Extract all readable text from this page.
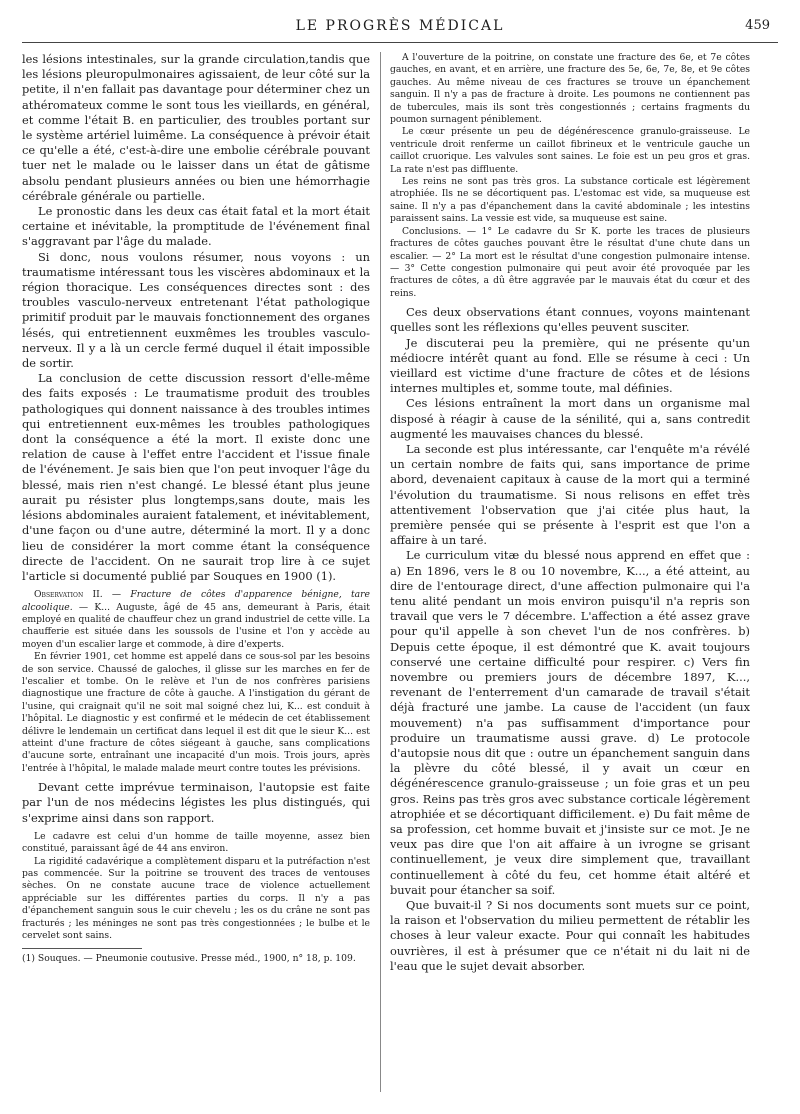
LE PROGRÈS MÉDICAL	459

les lésions intestinales, sur la grande circulation,tandis que les lésions pleuropulmonaires agissaient, de leur côté sur la petite, il n'en fallait pas davantage pour déterminer chez un athéromateux comme le sont tous les vieillards, en général, et comme l'était B. en particulier, des troubles portant sur le système artériel luimême. La conséquence à prévoir était ce qu'elle a été, c'est-à-dire une embolie cérébrale pouvant tuer net le malade ou le laisser dans un état de gâtisme absolu pendant plusieurs années ou bien une hémorrhagie cérébrale générale ou partielle.

Le pronostic dans les deux cas était fatal et la mort était certaine et inévitable, la promptitude de l'événement final s'aggravant par l'âge du malade.

Si donc, nous voulons résumer, nous voyons : un traumatisme intéressant tous les viscères abdominaux et la région thoracique. Les conséquences directes sont : des troubles vasculo-nerveux entretenant l'état pathologique primitif produit par le mauvais fonctionnement des organes lésés, qui entretiennent euxmêmes les troubles vasculo-nerveux. Il y a là un cercle fermé duquel il était impossible de sortir.

La conclusion de cette discussion ressort d'elle-même des faits exposés : Le traumatisme produit des troubles pathologiques qui donnent naissance à des troubles intimes qui entretiennent eux-mêmes les troubles pathologiques dont la conséquence a été la mort. Il existe donc une relation de cause à l'effet entre l'accident et l'issue finale de l'événement. Je sais bien que l'on peut invoquer l'âge du blessé, mais rien n'est changé. Le blessé étant plus jeune aurait pu résister plus longtemps,sans doute, mais les lésions abdominales auraient fatalement, et inévitablement, d'une façon ou d'une autre, déterminé la mort. Il y a donc lieu de considérer la mort comme étant la conséquence directe de l'accident. On ne saurait trop lire à ce sujet l'article si documenté publié par Souques en 1900 (1).

Observation II. — Fracture de côtes d'apparence bénigne, tare alcoolique. — K... Auguste, âgé de 45 ans, demeurant à Paris, était employé en qualité de chauffeur chez un grand industriel de cette ville. La chaufferie est située dans les soussols de l'usine et l'on y accède au moyen d'un escalier large et commode, à dire d'experts.

En février 1901, cet homme est appelé dans ce sous-sol par les besoins de son service. Chaussé de galoches, il glisse sur les marches en fer de l'escalier et tombe. On le relève et l'un de nos confrères parisiens diagnostique une fracture de côte à gauche. A l'instigation du gérant de l'usine, qui craignait qu'il ne soit mal soigné chez lui, K... est conduit à l'hôpital. Le diagnostic y est confirmé et le médecin de cet établissement délivre le lendemain un certificat dans lequel il est dit que le sieur K... est atteint d'une fracture de côtes siégeant à gauche, sans complications d'aucune sorte, entraînant une incapacité d'un mois. Trois jours, après l'entrée à l'hôpital, le malade malade meurt contre toutes les prévisions.

Devant cette imprévue terminaison, l'autopsie est faite par l'un de nos médecins légistes les plus distingués, qui s'exprime ainsi dans son rapport.

Le cadavre est celui d'un homme de taille moyenne, assez bien constitué, paraissant âgé de 44 ans environ.

La rigidité cadavérique a complètement disparu et la putréfaction n'est pas commencée. Sur la poitrine se trouvent des traces de ventouses sèches. On ne constate aucune trace de violence actuellement appréciable sur les différentes parties du corps. Il n'y a pas d'épanchement sanguin sous le cuir chevelu ; les os du crâne ne sont pas fracturés ; les méninges ne sont pas très congestionnées ; le bulbe et le cervelet sont sains.

(1) Souques. — Pneumonie coutusive. Presse méd., 1900, n° 18, p. 109.

A l'ouverture de la poitrine, on constate une fracture des 6e, et 7e côtes gauches, en avant, et en arrière, une fracture des 5e, 6e, 7e, 8e, et 9e côtes gauches. Au même niveau de ces fractures se trouve un épanchement sanguin. Il n'y a pas de fracture à droite. Les poumons ne contiennent pas de tubercules, mais ils sont très congestionnés ; certains fragments du poumon surnagent péniblement.

Le cœur présente un peu de dégénérescence granulo-graisseuse. Le ventricule droit renferme un caillot fibrineux et le ventricule gauche un caillot cruorique. Les valvules sont saines. Le foie est un peu gros et gras. La rate n'est pas diffluente.

Les reins ne sont pas très gros. La substance corticale est légèrement atrophiée. Ils ne se décortiquent pas. L'estomac est vide, sa muqueuse est saine. Il n'y a pas d'épanchement dans la cavité abdominale ; les intestins paraissent sains. La vessie est vide, sa muqueuse est saine.

Conclusions. — 1° Le cadavre du Sr K. porte les traces de plusieurs fractures de côtes gauches pouvant être le résultat d'une chute dans un escalier. — 2° La mort est le résultat d'une congestion pulmonaire intense. — 3° Cette congestion pulmonaire qui peut avoir été provoquée par les fractures de côtes, a dû être aggravée par le mauvais état du cœur et des reins.

Ces deux observations étant connues, voyons maintenant quelles sont les réflexions qu'elles peuvent susciter.

Je discuterai peu la première, qui ne présente qu'un médiocre intérêt quant au fond. Elle se résume à ceci : Un vieillard est victime d'une fracture de côtes et de lésions internes multiples et, somme toute, mal définies.

Ces lésions entraînent la mort dans un organisme mal disposé à réagir à cause de la sénilité, qui a, sans contredit augmenté les mauvaises chances du blessé.

La seconde est plus intéressante, car l'enquête m'a révélé un certain nombre de faits qui, sans importance de prime abord, devenaient capitaux à cause de la mort qui a terminé l'évolution du traumatisme. Si nous relisons en effet très attentivement l'observation que j'ai citée plus haut, la première pensée qui se présente à l'esprit est que l'on a affaire à un taré.

Le curriculum vitæ du blessé nous apprend en effet que : a) En 1896, vers le 8 ou 10 novembre, K..., a été atteint, au dire de l'entourage direct, d'une affection pulmonaire qui l'a tenu alité pendant un mois environ puisqu'il n'a repris son travail que vers le 7 décembre. L'affection a été assez grave pour qu'il appelle à son chevet l'un de nos confrères. b) Depuis cette époque, il est démontré que K. avait toujours conservé une certaine difficulté pour respirer. c) Vers fin novembre ou premiers jours de décembre 1897, K..., revenant de l'enterrement d'un camarade de travail s'était déjà fracturé une jambe. La cause de l'accident (un faux mouvement) n'a pas suffisamment d'importance pour produire un traumatisme aussi grave. d) Le protocole d'autopsie nous dit que : outre un épanchement sanguin dans la plèvre du côté blessé, il y avait un cœur en dégénérescence granulo-graisseuse ; un foie gras et un peu gros. Reins pas très gros avec substance corticale légèrement atrophiée et se décortiquant difficilement. e) Du fait même de sa profession, cet homme buvait et j'insiste sur ce mot. Je ne veux pas dire que l'on ait affaire à un ivrogne se grisant continuellement, je veux dire simplement que, travaillant continuellement à côté du feu, cet homme était altéré et buvait pour étancher sa soif.

Que buvait-il ? Si nos documents sont muets sur ce point, la raison et l'observation du milieu permettent de rétablir les choses à leur valeur exacte. Pour qui connaît les habitudes ouvrières, il est à présumer que ce n'était ni du lait ni de l'eau que le sujet devait absorber.
